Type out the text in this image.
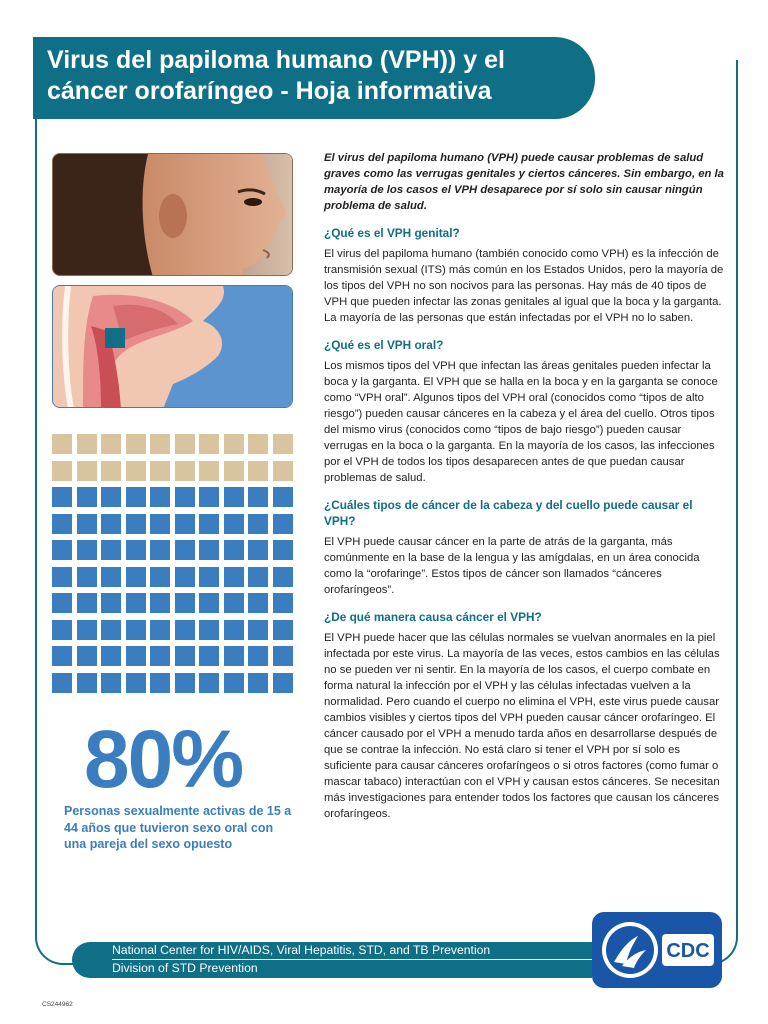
Virus del papiloma humano (VPH)) y el cáncer orofaríngeo - Hoja informativa
80%
Personas sexualmente activas de 15 a 44 años que tuvieron sexo oral con una pareja del sexo opuesto

El virus del papiloma humano (VPH) puede causar problemas de salud graves como las verrugas genitales y ciertos cánceres. Sin embargo, en la mayoría de los casos el VPH desaparece por sí solo sin causar ningún problema de salud.

¿Qué es el VPH genital?

El virus del papiloma humano (también conocido como VPH) es la infección de transmisión sexual (ITS) más común en los Estados Unidos, pero la mayoría de los tipos del VPH no son nocivos para las personas. Hay más de 40 tipos de VPH que pueden infectar las zonas genitales al igual que la boca y la garganta. La mayoría de las personas que están infectadas por el VPH no lo saben.

¿Qué es el VPH oral?

Los mismos tipos del VPH que infectan las áreas genitales pueden infectar la boca y la garganta. El VPH que se halla en la boca y en la garganta se conoce como “VPH oral”. Algunos tipos del VPH oral (conocidos como “tipos de alto riesgo”) pueden causar cánceres en la cabeza y el área del cuello. Otros tipos del mismo virus (conocidos como “tipos de bajo riesgo”) pueden causar verrugas en la boca o la garganta. En la mayoría de los casos, las infecciones por el VPH de todos los tipos desaparecen antes de que puedan causar problemas de salud.

¿Cuáles tipos de cáncer de la cabeza y del cuello puede causar el VPH?

El VPH puede causar cáncer en la parte de atrás de la garganta, más comúnmente en la base de la lengua y las amígdalas, en un área conocida como la “orofaringe”. Estos tipos de cáncer son llamados “cánceres orofaríngeos”.

¿De qué manera causa cáncer el VPH?

El VPH puede hacer que las células normales se vuelvan anormales en la piel infectada por este virus. La mayoría de las veces, estos cambios en las células no se pueden ver ni sentir. En la mayoría de los casos, el cuerpo combate en forma natural la infección por el VPH y las células infectadas vuelven a la normalidad. Pero cuando el cuerpo no elimina el VPH, este virus puede causar cambios visibles y ciertos tipos del VPH pueden causar cáncer orofaríngeo. El cáncer causado por el VPH a menudo tarda años en desarrollarse después de que se contrae la infección. No está claro si tener el VPH por sí solo es suficiente para causar cánceres orofaríngeos o si otros factores (como fumar o mascar tabaco) interactúan con el VPH y causan estos cánceres. Se necesitan más investigaciones para entender todos los factores que causan los cánceres orofaríngeos.

National Center for HIV/AIDS, Viral Hepatitis, STD, and TB Prevention
Division of STD Prevention
CDC
CS244962
